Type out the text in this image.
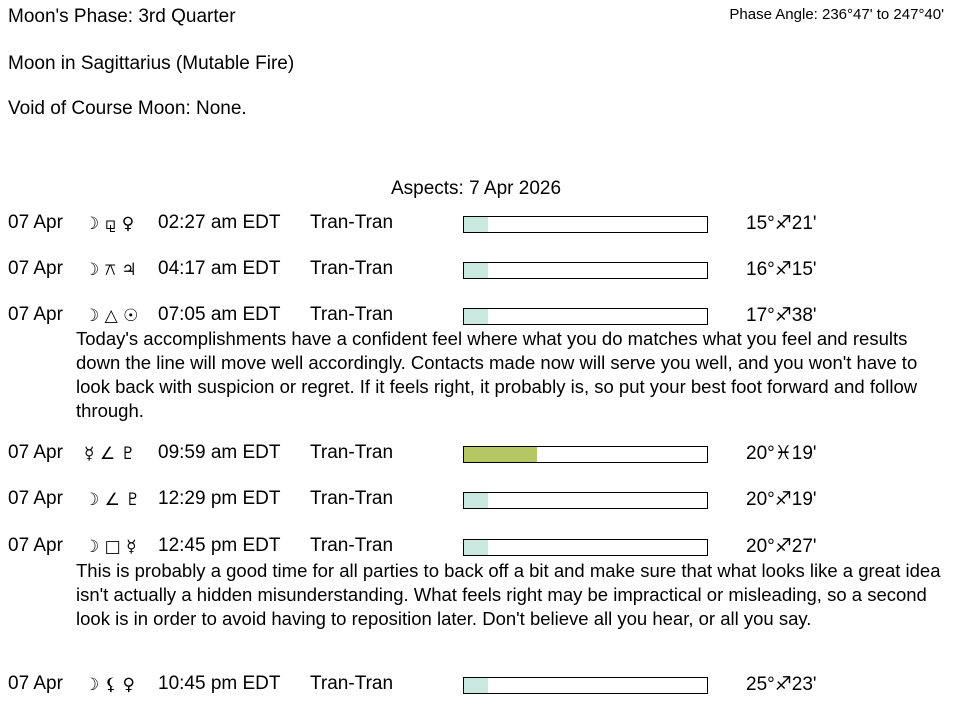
Moon's Phase: 3rd Quarter	Phase Angle: 236°47' to 247°40'
Moon in Sagittarius (Mutable Fire)
Void of Course Moon: None.
Aspects: 7 Apr 2026
07 Apr ☽ ⚼ ♀ 02:27 am EDT Tran-Tran	15°♐21'
07 Apr ☽ ⚻ ♃ 04:17 am EDT Tran-Tran	16°♐15'
07 Apr ☽ △ ☉ 07:05 am EDT Tran-Tran	17°♐38'
Today's accomplishments have a confident feel where what you do matches what you feel and results down the line will move well accordingly. Contacts made now will serve you well, and you won't have to look back with suspicion or regret. If it feels right, it probably is, so put your best foot forward and follow through.
07 Apr ☿ ∠ ♇ 09:59 am EDT Tran-Tran	20°♓19'
07 Apr ☽ ∠ ♇ 12:29 pm EDT Tran-Tran	20°♐19'
07 Apr ☽ □ ☿ 12:45 pm EDT Tran-Tran	20°♐27'
This is probably a good time for all parties to back off a bit and make sure that what looks like a great idea isn't actually a hidden misunderstanding. What feels right may be impractical or misleading, so a second look is in order to avoid having to reposition later. Don't believe all you hear, or all you say.
07 Apr ☽ ⚸ ♀ 10:45 pm EDT Tran-Tran	25°♐23'
